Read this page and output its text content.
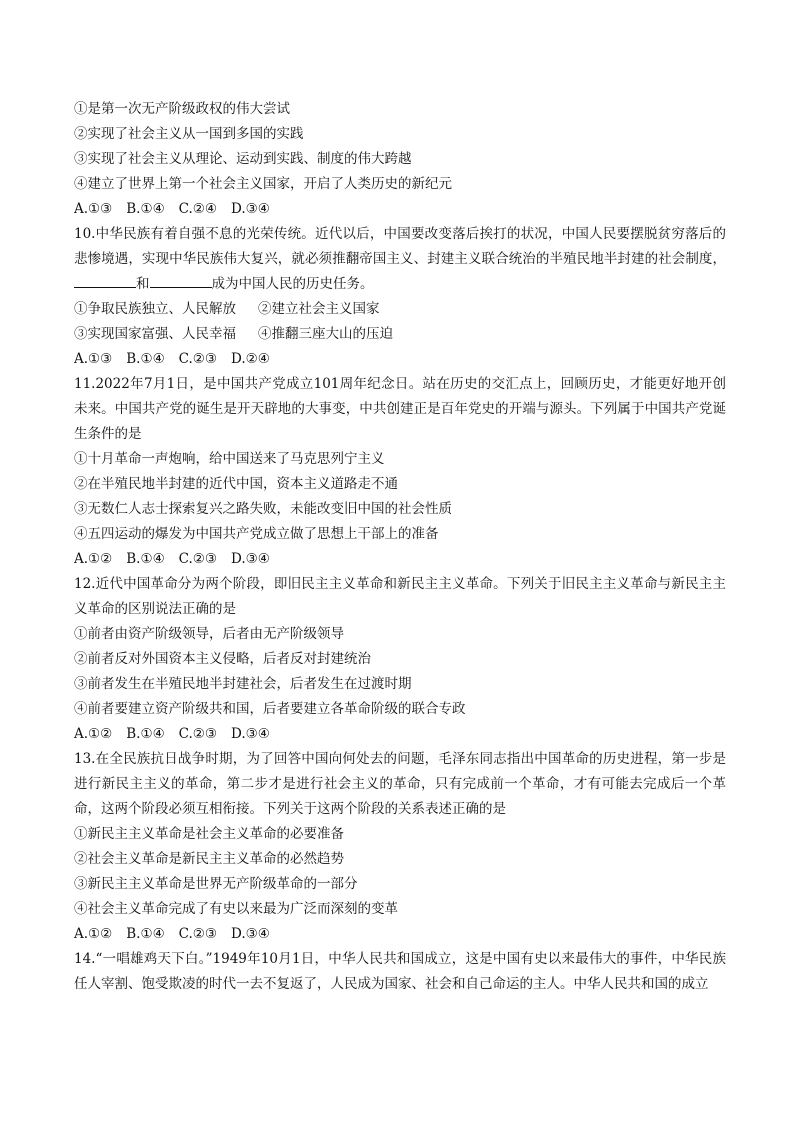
①是第一次无产阶级政权的伟大尝试
②实现了社会主义从一国到多国的实践
③实现了社会主义从理论、运动到实践、制度的伟大跨越
④建立了世界上第一个社会主义国家，开启了人类历史的新纪元
A.①③ B.①④ C.②④ D.③④
10.中华民族有着自强不息的光荣传统。近代以后，中国要改变落后挨打的状况，中国人民要摆脱贫穷落后的悲惨境遇，实现中华民族伟大复兴，就必须推翻帝国主义、封建主义联合统治的半殖民地半封建的社会制度，和	成为中国人民的历史任务。
①争取民族独立、人民解放 ②建立社会主义国家
③实现国家富强、人民幸福 ④推翻三座大山的压迫
A.①③ B.①④ C.②③ D.②④
11.2022年7月1日，是中国共产党成立101周年纪念日。站在历史的交汇点上，回顾历史，才能更好地开创未来。中国共产党的诞生是开天辟地的大事变，中共创建正是百年党史的开端与源头。下列属于中国共产党诞生条件的是
①十月革命一声炮响，给中国送来了马克思列宁主义
②在半殖民地半封建的近代中国，资本主义道路走不通
③无数仁人志士探索复兴之路失败，未能改变旧中国的社会性质
④五四运动的爆发为中国共产党成立做了思想上干部上的准备
A.①② B.①④ C.②③ D.③④
12.近代中国革命分为两个阶段，即旧民主主义革命和新民主主义革命。下列关于旧民主主义革命与新民主主义革命的区别说法正确的是
①前者由资产阶级领导，后者由无产阶级领导
②前者反对外国资本主义侵略，后者反对封建统治
③前者发生在半殖民地半封建社会，后者发生在过渡时期
④前者要建立资产阶级共和国，后者要建立各革命阶级的联合专政
A.①② B.①④ C.②③ D.③④
13.在全民族抗日战争时期，为了回答中国向何处去的问题，毛泽东同志指出中国革命的历史进程，第一步是进行新民主主义的革命，第二步才是进行社会主义的革命，只有完成前一个革命，才有可能去完成后一个革命，这两个阶段必须互相衔接。下列关于这两个阶段的关系表述正确的是
①新民主主义革命是社会主义革命的必要准备
②社会主义革命是新民主主义革命的必然趋势
③新民主主义革命是世界无产阶级革命的一部分
④社会主义革命完成了有史以来最为广泛而深刻的变革
A.①② B.①④ C.②③ D.③④
14.“一唱雄鸡天下白。”1949年10月1日，中华人民共和国成立，这是中国有史以来最伟大的事件，中华民族任人宰割、饱受欺凌的时代一去不复返了，人民成为国家、社会和自己命运的主人。中华人民共和国的成立
